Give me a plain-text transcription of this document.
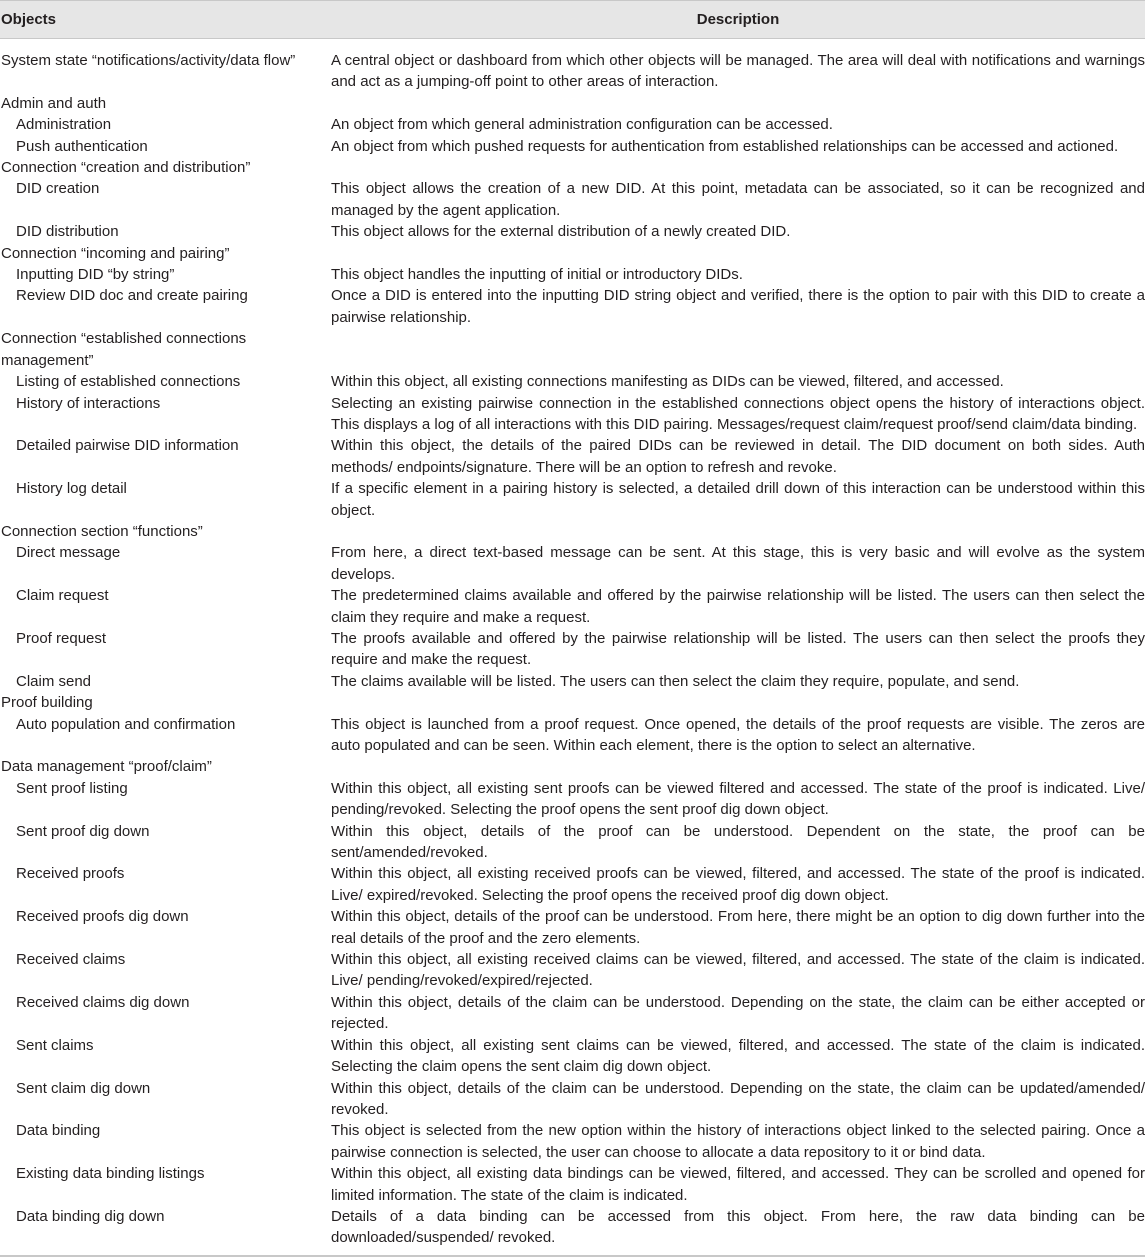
Objects	Description
System state “notifications/activity/data flow”	A central object or dashboard from which other objects will be managed. The area will deal with notifications and warnings and act as a jumping-off point to other areas of interaction.
Admin and auth	
Administration	An object from which general administration configuration can be accessed.
Push authentication	An object from which pushed requests for authentication from established relationships can be accessed and actioned.
Connection “creation and distribution”	
DID creation	This object allows the creation of a new DID. At this point, metadata can be associated, so it can be recognized and managed by the agent application.
DID distribution	This object allows for the external distribution of a newly created DID.
Connection “incoming and pairing”	
Inputting DID “by string”	This object handles the inputting of initial or introductory DIDs.
Review DID doc and create pairing	Once a DID is entered into the inputting DID string object and verified, there is the option to pair with this DID to create a pairwise relationship.
Connection “established connections management”	
Listing of established connections	Within this object, all existing connections manifesting as DIDs can be viewed, filtered, and accessed.
History of interactions	Selecting an existing pairwise connection in the established connections object opens the history of interactions object. This displays a log of all interactions with this DID pairing. Messages/request claim/request proof/send claim/data binding.
Detailed pairwise DID information	Within this object, the details of the paired DIDs can be reviewed in detail. The DID document on both sides. Auth methods/ endpoints/signature. There will be an option to refresh and revoke.
History log detail	If a specific element in a pairing history is selected, a detailed drill down of this interaction can be understood within this object.
Connection section “functions”	
Direct message	From here, a direct text-based message can be sent. At this stage, this is very basic and will evolve as the system develops.
Claim request	The predetermined claims available and offered by the pairwise relationship will be listed. The users can then select the claim they require and make a request.
Proof request	The proofs available and offered by the pairwise relationship will be listed. The users can then select the proofs they require and make the request.
Claim send	The claims available will be listed. The users can then select the claim they require, populate, and send.
Proof building	
Auto population and confirmation	This object is launched from a proof request. Once opened, the details of the proof requests are visible. The zeros are auto populated and can be seen. Within each element, there is the option to select an alternative.
Data management “proof/claim”	
Sent proof listing	Within this object, all existing sent proofs can be viewed filtered and accessed. The state of the proof is indicated. Live/ pending/revoked. Selecting the proof opens the sent proof dig down object.
Sent proof dig down	Within this object, details of the proof can be understood. Dependent on the state, the proof can be sent/amended/revoked.
Received proofs	Within this object, all existing received proofs can be viewed, filtered, and accessed. The state of the proof is indicated. Live/ expired/revoked. Selecting the proof opens the received proof dig down object.
Received proofs dig down	Within this object, details of the proof can be understood. From here, there might be an option to dig down further into the real details of the proof and the zero elements.
Received claims	Within this object, all existing received claims can be viewed, filtered, and accessed. The state of the claim is indicated. Live/ pending/revoked/expired/rejected.
Received claims dig down	Within this object, details of the claim can be understood. Depending on the state, the claim can be either accepted or rejected.
Sent claims	Within this object, all existing sent claims can be viewed, filtered, and accessed. The state of the claim is indicated. Selecting the claim opens the sent claim dig down object.
Sent claim dig down	Within this object, details of the claim can be understood. Depending on the state, the claim can be updated/amended/ revoked.
Data binding	This object is selected from the new option within the history of interactions object linked to the selected pairing. Once a pairwise connection is selected, the user can choose to allocate a data repository to it or bind data.
Existing data binding listings	Within this object, all existing data bindings can be viewed, filtered, and accessed. They can be scrolled and opened for limited information. The state of the claim is indicated.
Data binding dig down	Details of a data binding can be accessed from this object. From here, the raw data binding can be downloaded/suspended/ revoked.
